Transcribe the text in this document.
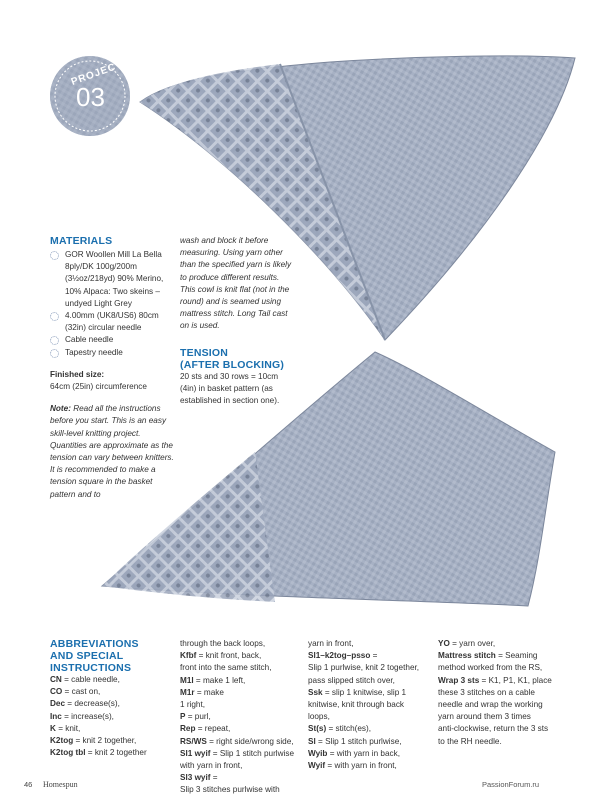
PROJECT
03
MATERIALS
GOR Woollen Mill La Bella 8ply/DK 100g/200m (3½oz/218yd) 90% Merino, 10% Alpaca: Two skeins – undyed Light Grey
4.00mm (UK8/US6) 80cm (32in) circular needle
Cable needle
Tapestry needle

Finished size:

64cm (25in) circumference

Note: Read all the instructions before you start. This is an easy skill-level knitting project. Quantities are approximate as the tension can vary between knitters. It is recommended to make a tension square in the basket pattern and to

wash and block it before measuring. Using yarn other than the specified yarn is likely to produce different results. This cowl is knit flat (not in the round) and is seamed using mattress stitch. Long Tail cast on is used.

TENSION
(AFTER BLOCKING)

20 sts and 30 rows = 10cm (4in) in basket pattern (as established in section one).

ABBREVIATIONS
AND SPECIAL
INSTRUCTIONS

CN = cable needle,

CO = cast on,

Dec = decrease(s),

Inc = increase(s),

K = knit,

K2tog = knit 2 together,

K2tog tbl = knit 2 together

through the back loops,

Kfbf = knit front, back,

front into the same stitch,

M1l = make 1 left,

M1r = make

1 right,

P = purl,

Rep = repeat,

RS/WS = right side/wrong side,

Sl1 wyif = Slip 1 stitch purlwise

with yarn in front,

Sl3 wyif =

Slip 3 stitches purlwise with

yarn in front,

Sl1–k2tog–psso =

Slip 1 purlwise, knit 2 together,

pass slipped stitch over,

Ssk = slip 1 knitwise, slip 1

knitwise, knit through back

loops,

St(s) = stitch(es),

Sl = Slip 1 stitch purlwise,

Wyib = with yarn in back,

Wyif = with yarn in front,

YO = yarn over,

Mattress stitch = Seaming

method worked from the RS,

Wrap 3 sts = K1, P1, K1, place

these 3 stitches on a cable

needle and wrap the working

yarn around them 3 times

anti-clockwise, return the 3 sts

to the RH needle.

46 Homespun	PassionForum.ru
